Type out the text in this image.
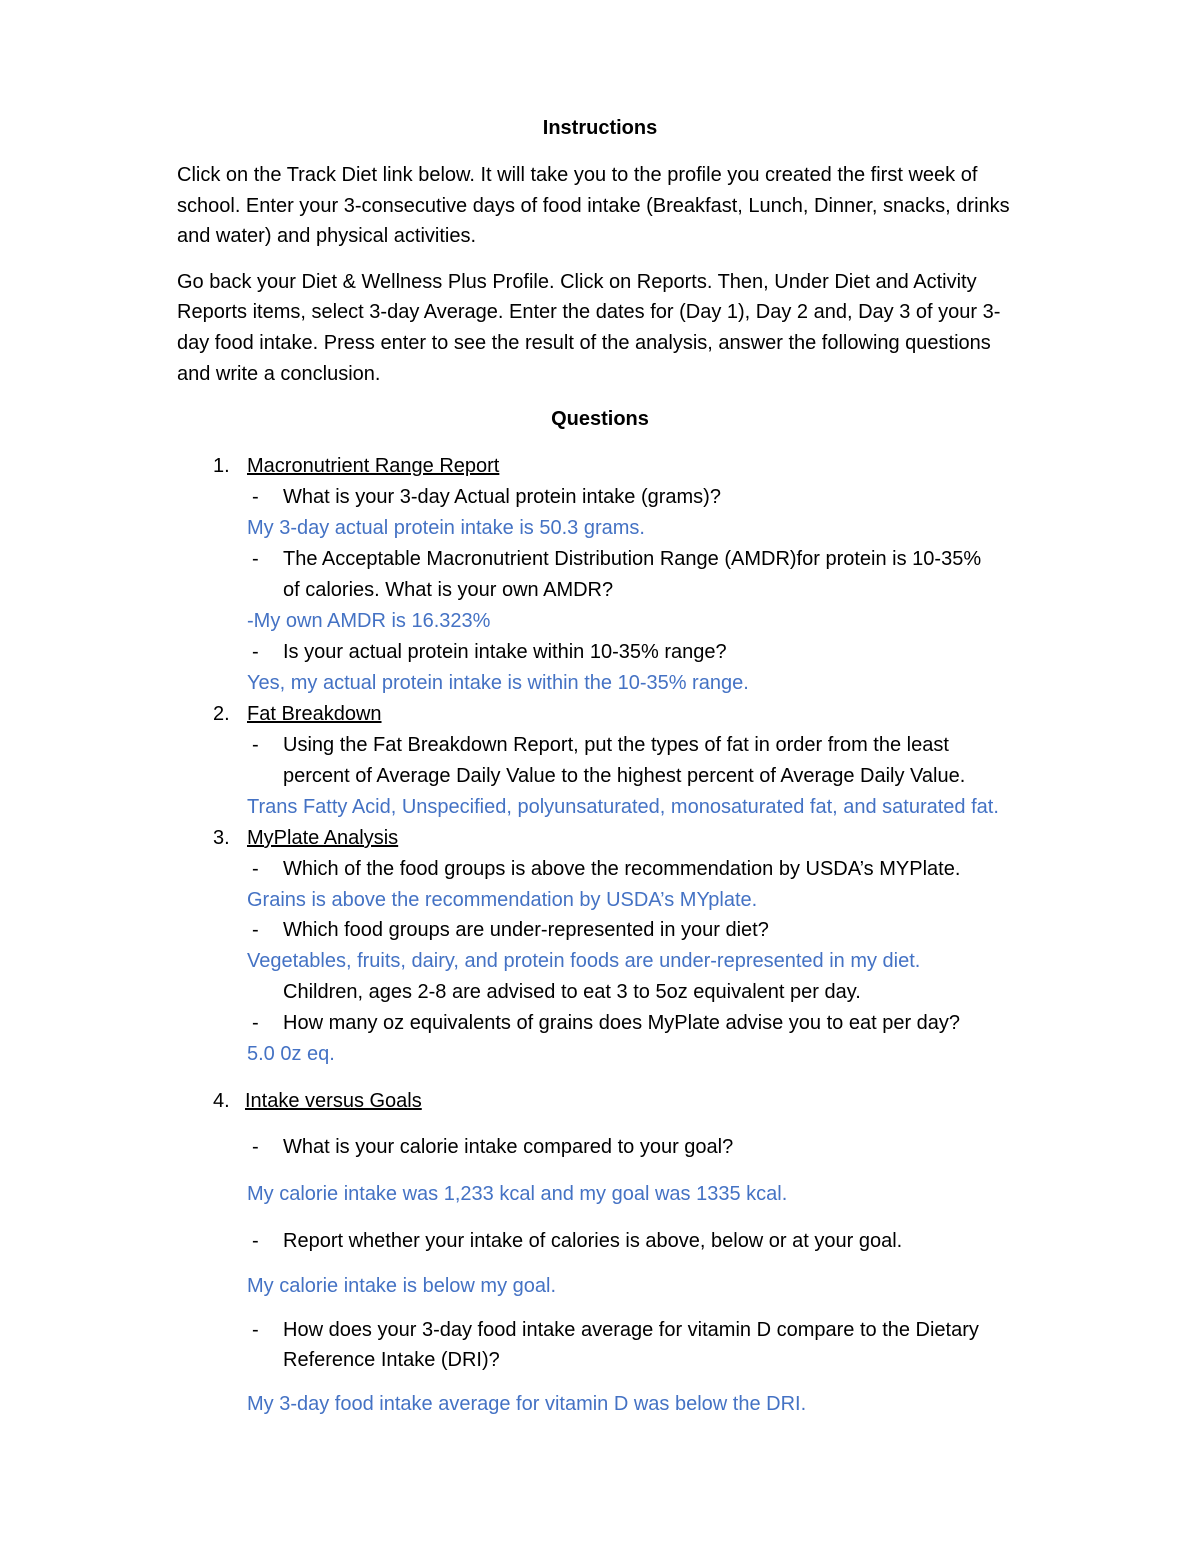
Instructions
Click on the Track Diet link below. It will take you to the profile you created the first week of
school. Enter your 3-consecutive days of food intake (Breakfast, Lunch, Dinner, snacks, drinks
and water) and physical activities.
Go back your Diet & Wellness Plus Profile. Click on Reports. Then, Under Diet and Activity
Reports items, select 3-day Average. Enter the dates for (Day 1), Day 2 and, Day 3 of your 3-
day food intake. Press enter to see the result of the analysis, answer the following questions
and write a conclusion.
Questions
1. Macronutrient Range Report
- What is your 3-day Actual protein intake (grams)?
My 3-day actual protein intake is 50.3 grams.
- The Acceptable Macronutrient Distribution Range (AMDR)for protein is 10-35%
of calories. What is your own AMDR?
-My own AMDR is 16.323%
- Is your actual protein intake within 10-35% range?
Yes, my actual protein intake is within the 10-35% range.
2. Fat Breakdown
- Using the Fat Breakdown Report, put the types of fat in order from the least
percent of Average Daily Value to the highest percent of Average Daily Value.
Trans Fatty Acid, Unspecified, polyunsaturated, monosaturated fat, and saturated fat.
3. MyPlate Analysis
- Which of the food groups is above the recommendation by USDA’s MYPlate.
Grains is above the recommendation by USDA’s MYplate.
- Which food groups are under-represented in your diet?
Vegetables, fruits, dairy, and protein foods are under-represented in my diet.
Children, ages 2-8 are advised to eat 3 to 5oz equivalent per day.
- How many oz equivalents of grains does MyPlate advise you to eat per day?
5.0 0z eq.
4. Intake versus Goals
- What is your calorie intake compared to your goal?
My calorie intake was 1,233 kcal and my goal was 1335 kcal.
- Report whether your intake of calories is above, below or at your goal.
My calorie intake is below my goal.
- How does your 3-day food intake average for vitamin D compare to the Dietary
Reference Intake (DRI)?
My 3-day food intake average for vitamin D was below the DRI.
